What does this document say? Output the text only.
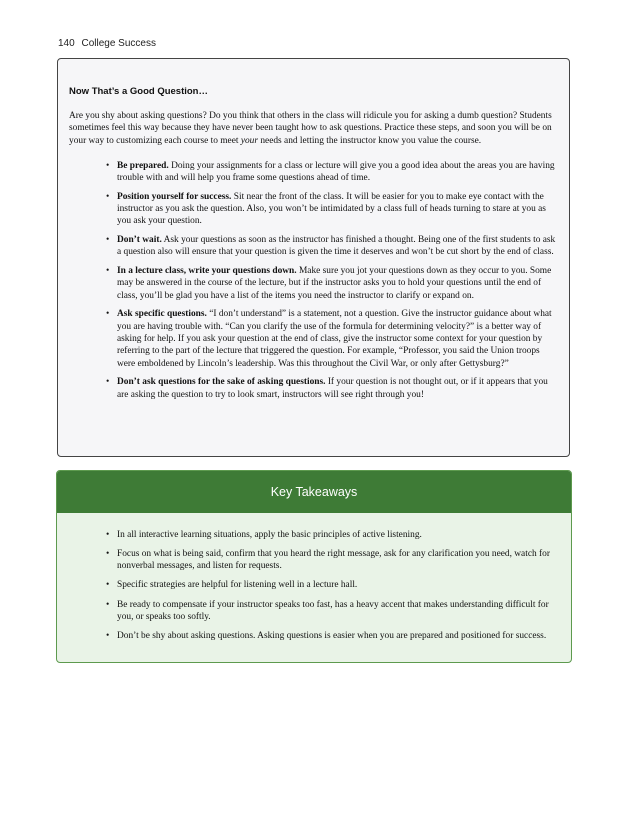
140 College Success
Now That’s a Good Question…

Are you shy about asking questions? Do you think that others in the class will ridicule you for asking a dumb question? Students sometimes feel this way because they have never been taught how to ask questions. Practice these steps, and soon you will be on your way to customizing each course to meet your needs and letting the instructor know you value the course.

• Be prepared. Doing your assignments for a class or lecture will give you a good idea about the areas you are having trouble with and will help you frame some questions ahead of time.
• Position yourself for success. Sit near the front of the class. It will be easier for you to make eye contact with the instructor as you ask the question. Also, you won’t be intimidated by a class full of heads turning to stare at you as you ask your question.
• Don’t wait. Ask your questions as soon as the instructor has finished a thought. Being one of the first students to ask a question also will ensure that your question is given the time it deserves and won’t be cut short by the end of class.
• In a lecture class, write your questions down. Make sure you jot your questions down as they occur to you. Some may be answered in the course of the lecture, but if the instructor asks you to hold your questions until the end of class, you’ll be glad you have a list of the items you need the instructor to clarify or expand on.
• Ask specific questions. “I don’t understand” is a statement, not a question. Give the instructor guidance about what you are having trouble with. “Can you clarify the use of the formula for determining velocity?” is a better way of asking for help. If you ask your question at the end of class, give the instructor some context for your question by referring to the part of the lecture that triggered the question. For example, “Professor, you said the Union troops were emboldened by Lincoln’s leadership. Was this throughout the Civil War, or only after Gettysburg?”
• Don’t ask questions for the sake of asking questions. If your question is not thought out, or if it appears that you are asking the question to try to look smart, instructors will see right through you!
Key Takeaways
• In all interactive learning situations, apply the basic principles of active listening.
• Focus on what is being said, confirm that you heard the right message, ask for any clarification you need, watch for nonverbal messages, and listen for requests.
• Specific strategies are helpful for listening well in a lecture hall.
• Be ready to compensate if your instructor speaks too fast, has a heavy accent that makes understanding difficult for you, or speaks too softly.
• Don’t be shy about asking questions. Asking questions is easier when you are prepared and positioned for success.
